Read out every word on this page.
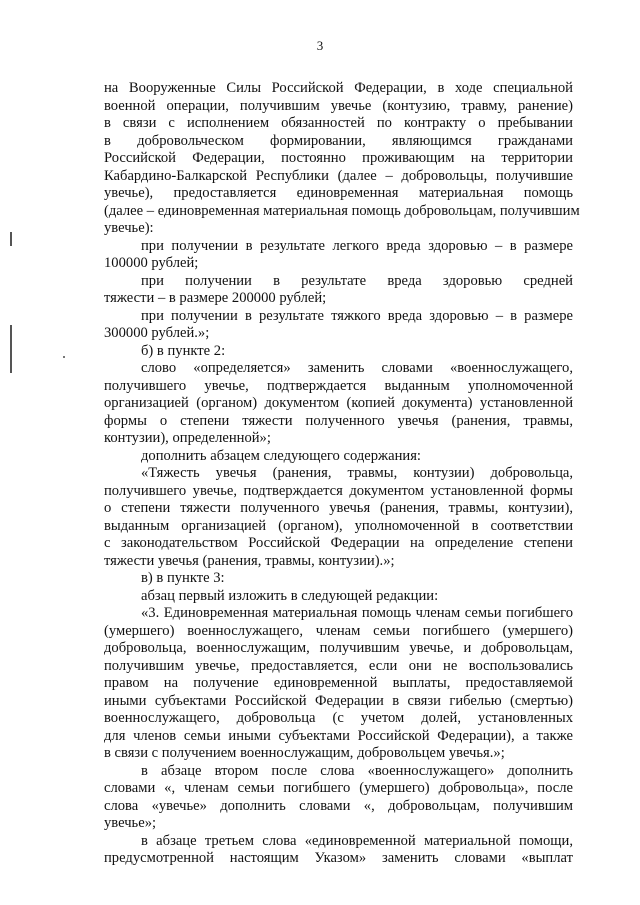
3
на Вооруженные Силы Российской Федерации, в ходе специальной
военной операции, получившим увечье (контузию, травму, ранение)
в связи с исполнением обязанностей по контракту о пребывании
в добровольческом формировании, являющимся гражданами
Российской Федерации, постоянно проживающим на территории
Кабардино-Балкарской Республики (далее – добровольцы, получившие
увечье), предоставляется единовременная материальная помощь
(далее – единовременная материальная помощь добровольцам, получившим
увечье):
при получении в результате легкого вреда здоровью – в размере
100000 рублей;
при получении в результате вреда здоровью средней
тяжести – в размере 200000 рублей;
при получении в результате тяжкого вреда здоровью – в размере
300000 рублей.»;
б) в пункте 2:
слово «определяется» заменить словами «военнослужащего,
получившего увечье, подтверждается выданным уполномоченной
организацией (органом) документом (копией документа) установленной
формы о степени тяжести полученного увечья (ранения, травмы,
контузии), определенной»;
дополнить абзацем следующего содержания:
«Тяжесть увечья (ранения, травмы, контузии) добровольца,
получившего увечье, подтверждается документом установленной формы
о степени тяжести полученного увечья (ранения, травмы, контузии),
выданным организацией (органом), уполномоченной в соответствии
с законодательством Российской Федерации на определение степени
тяжести увечья (ранения, травмы, контузии).»;
в) в пункте 3:
абзац первый изложить в следующей редакции:
«3. Единовременная материальная помощь членам семьи погибшего
(умершего) военнослужащего, членам семьи погибшего (умершего)
добровольца, военнослужащим, получившим увечье, и добровольцам,
получившим увечье, предоставляется, если они не воспользовались
правом на получение единовременной выплаты, предоставляемой
иными субъектами Российской Федерации в связи гибелью (смертью)
военнослужащего, добровольца (с учетом долей, установленных
для членов семьи иными субъектами Российской Федерации), а также
в связи с получением военнослужащим, добровольцем увечья.»;
в абзаце втором после слова «военнослужащего» дополнить
словами «, членам семьи погибшего (умершего) добровольца», после
слова «увечье» дополнить словами «, добровольцам, получившим
увечье»;
в абзаце третьем слова «единовременной материальной помощи,
предусмотренной настоящим Указом» заменить словами «выплат
